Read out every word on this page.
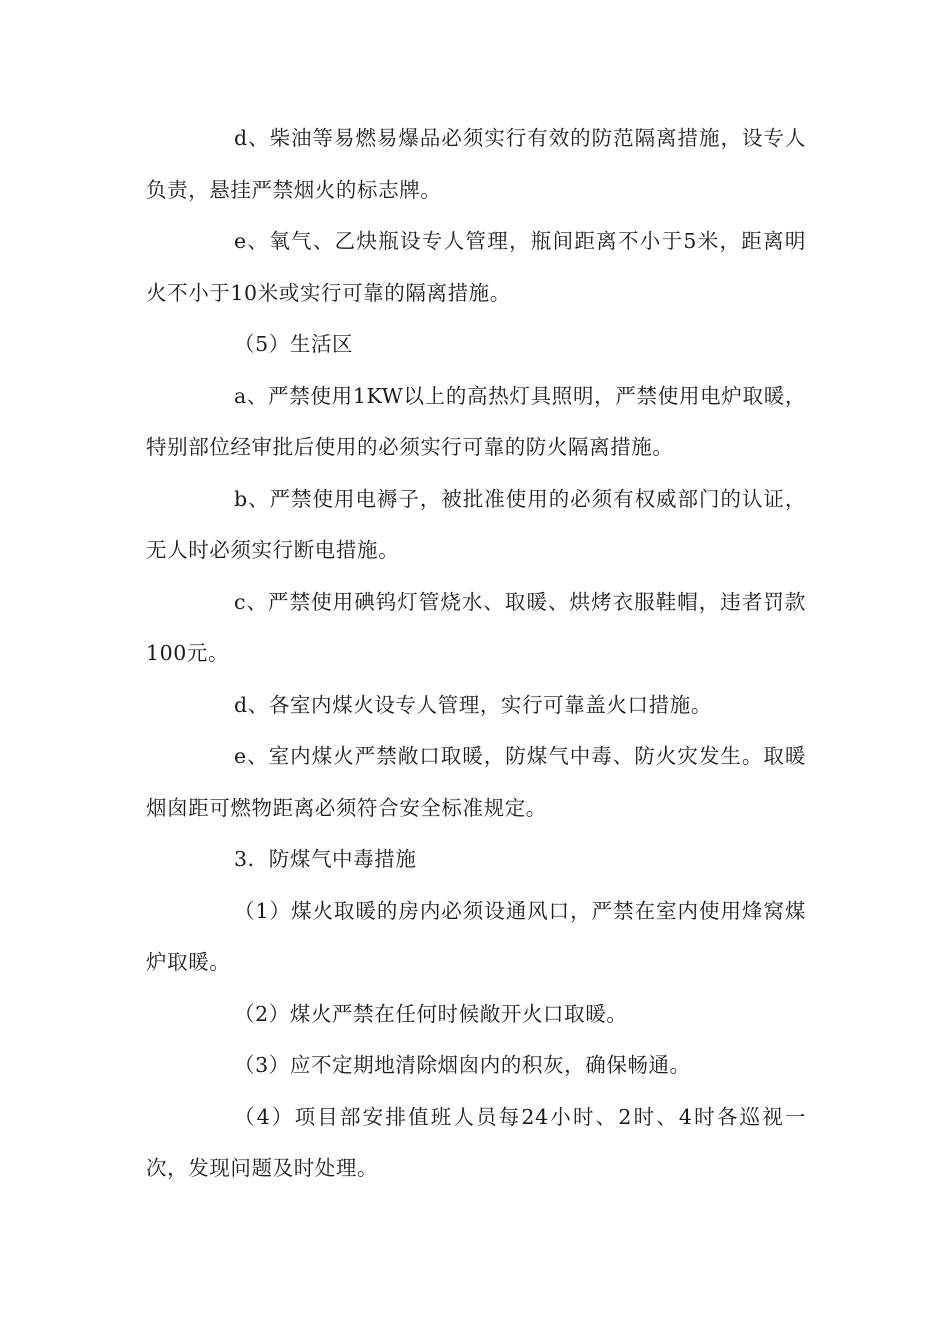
d、柴油等易燃易爆品必须实行有效的防范隔离措施，设专人负责，悬挂严禁烟火的标志牌。

e、氧气、乙炔瓶设专人管理，瓶间距离不小于5米，距离明火不小于10米或实行可靠的隔离措施。

（5）生活区

a、严禁使用1KW以上的高热灯具照明，严禁使用电炉取暖，特别部位经审批后使用的必须实行可靠的防火隔离措施。

b、严禁使用电褥子，被批准使用的必须有权威部门的认证，无人时必须实行断电措施。

c、严禁使用碘钨灯管烧水、取暖、烘烤衣服鞋帽，违者罚款100元。

d、各室内煤火设专人管理，实行可靠盖火口措施。

e、室内煤火严禁敞口取暖，防煤气中毒、防火灾发生。取暖烟囱距可燃物距离必须符合安全标准规定。

3．防煤气中毒措施

（1）煤火取暖的房内必须设通风口，严禁在室内使用烽窝煤炉取暖。

（2）煤火严禁在任何时候敞开火口取暖。

（3）应不定期地清除烟囱内的积灰，确保畅通。

（4）项目部安排值班人员每24小时、2时、4时各巡视一次，发现问题及时处理。
